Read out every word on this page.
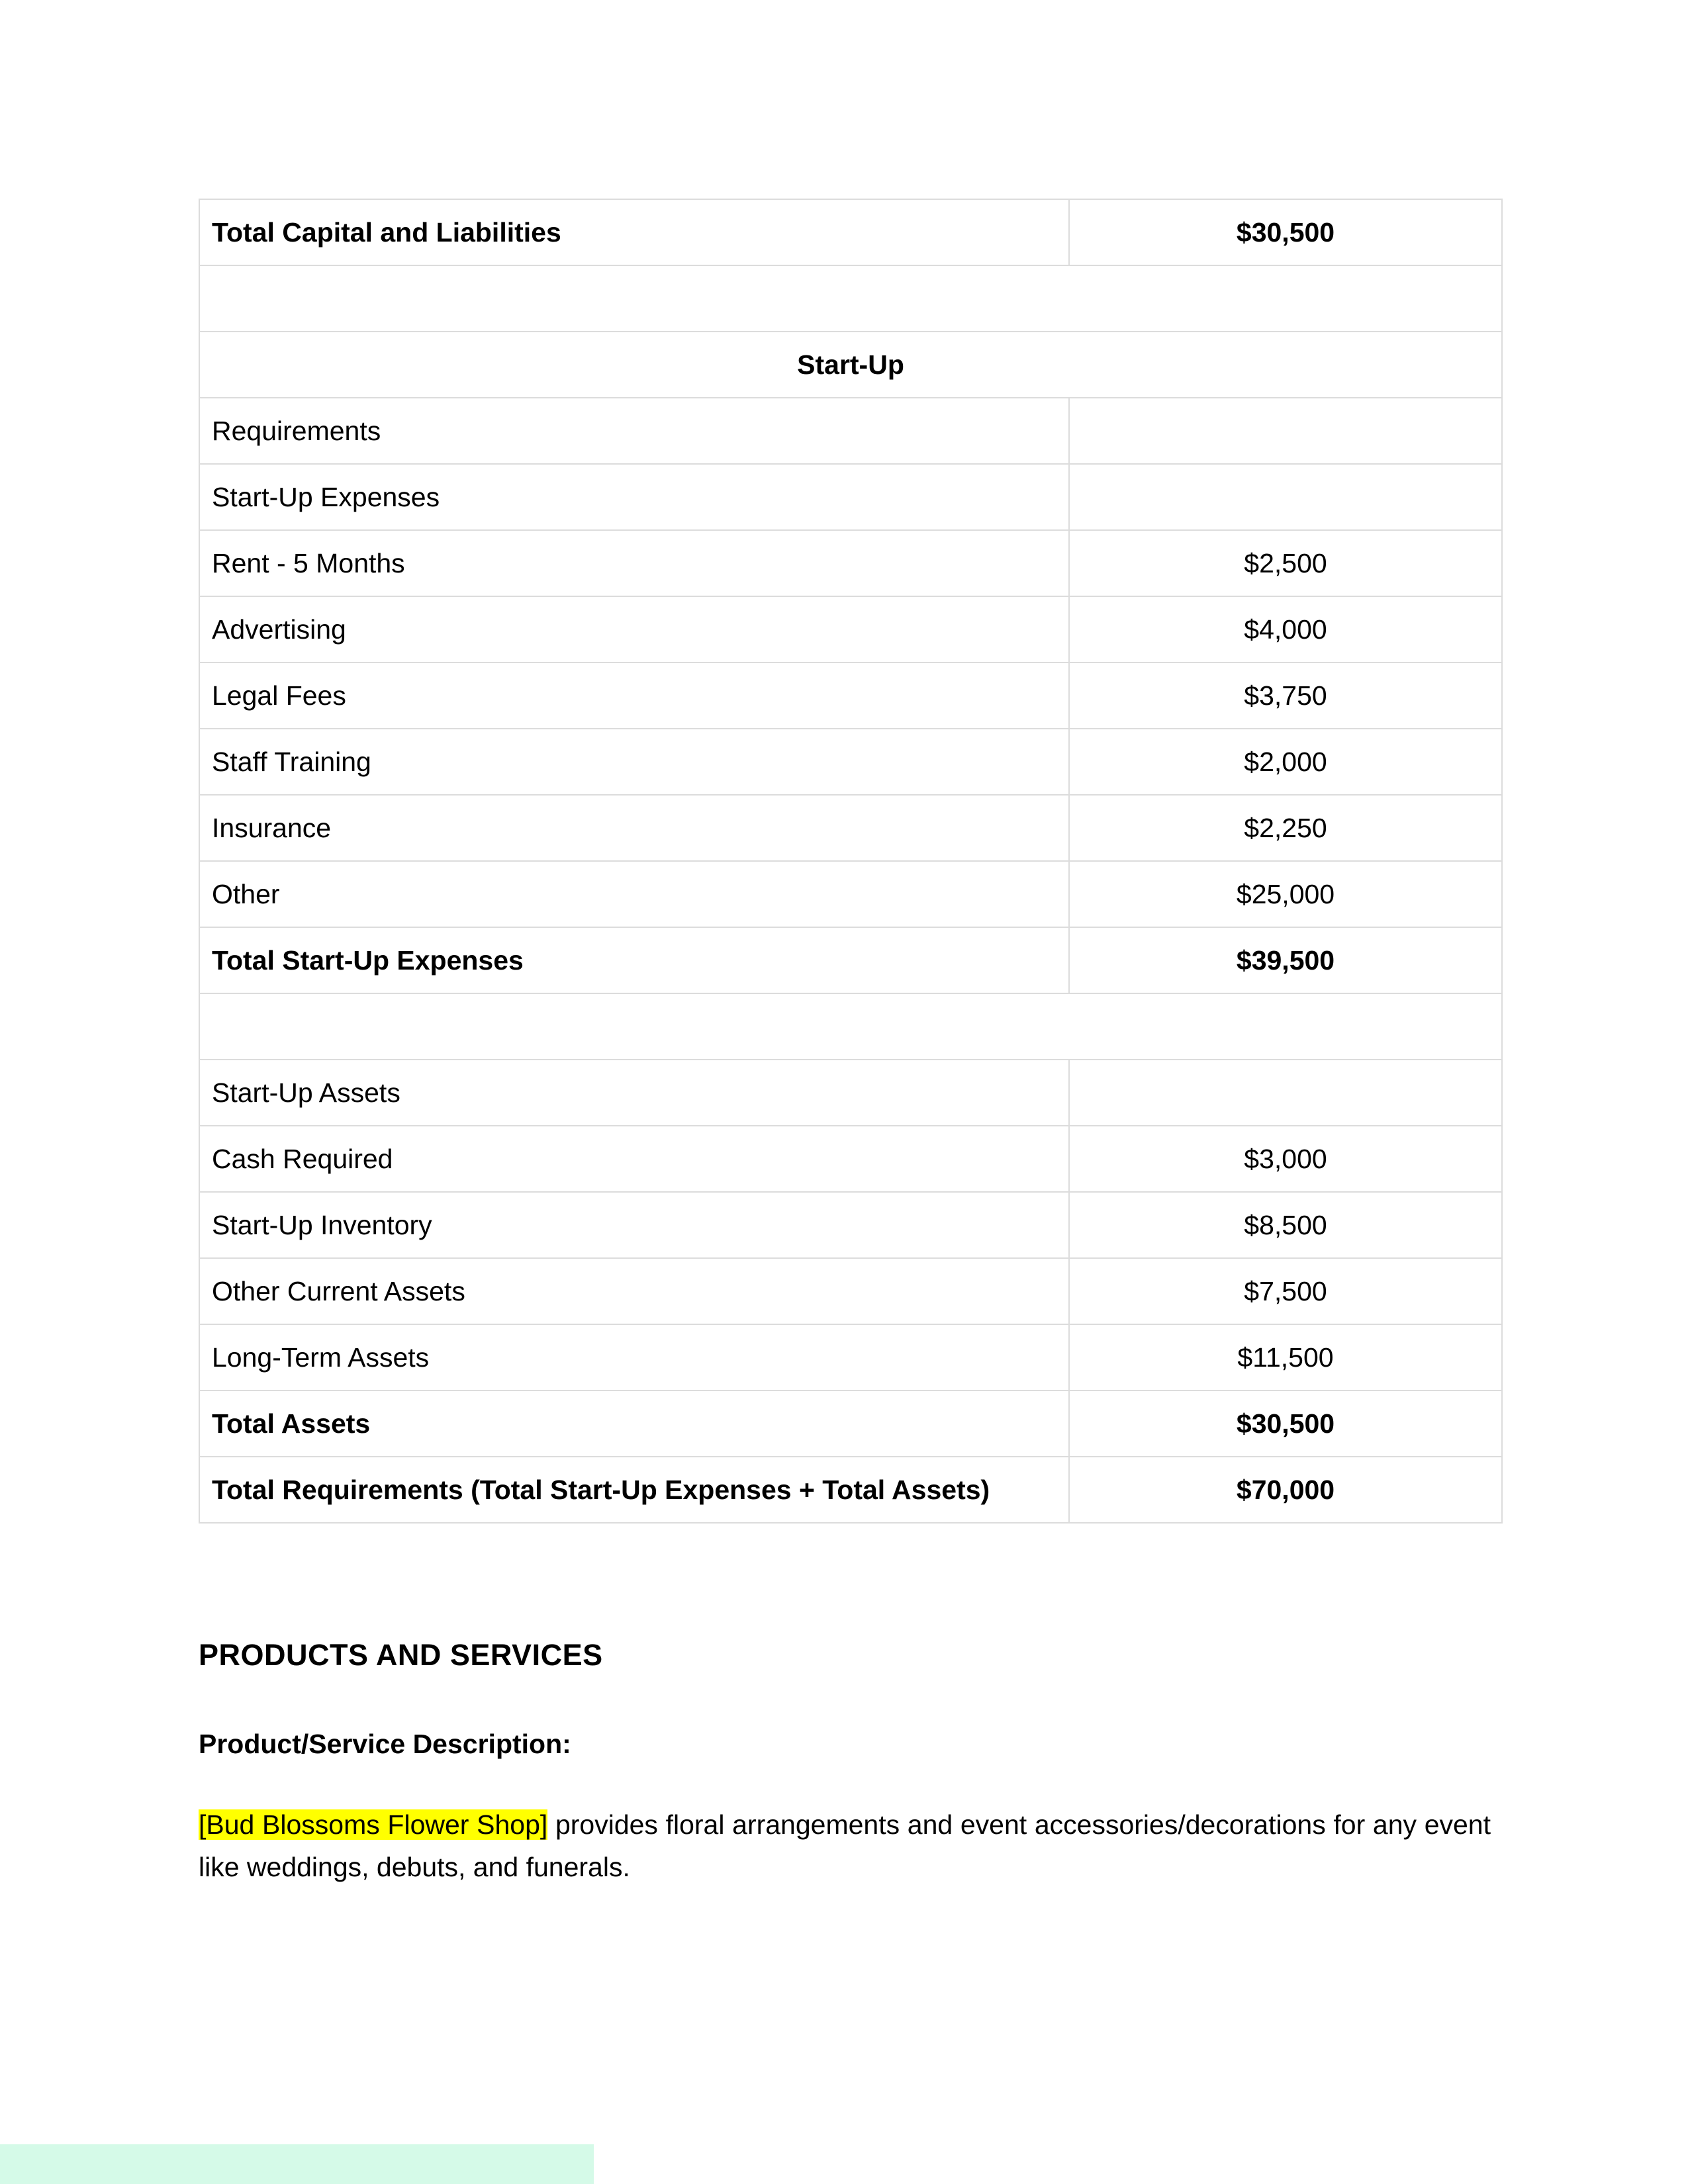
Total Capital and Liabilities	$30,500

Start-Up	
Requirements	
Start-Up Expenses	
Rent - 5 Months	$2,500
Advertising	$4,000
Legal Fees	$3,750
Staff Training	$2,000
Insurance	$2,250
Other	$25,000
Total Start-Up Expenses	$39,500

Start-Up Assets	
Cash Required	$3,000
Start-Up Inventory	$8,500
Other Current Assets	$7,500
Long-Term Assets	$11,500
Total Assets	$30,500
Total Requirements (Total Start-Up Expenses + Total Assets)	$70,000
PRODUCTS AND SERVICES
Product/Service Description:

[Bud Blossoms Flower Shop] provides floral arrangements and event accessories/decorations for any event like weddings, debuts, and funerals.
